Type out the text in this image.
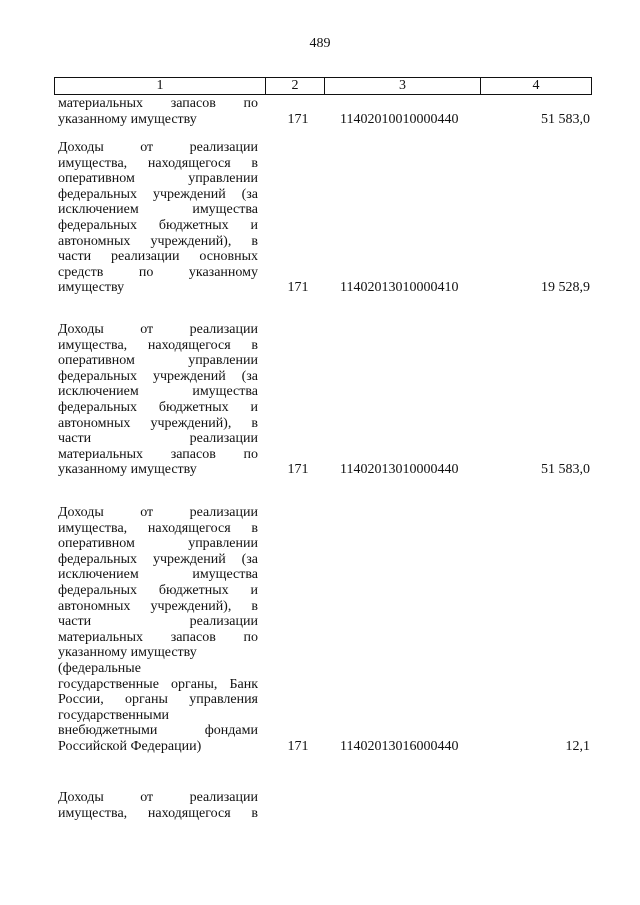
489
1	2	3	4
материальных запасов по
указанному имуществу	171 11402010010000440	51 583,0
Доходы от реализации
имущества, находящегося в
оперативном управлении
федеральных учреждений (за
исключением имущества
федеральных бюджетных и
автономных учреждений), в
части реализации основных
средств по указанному
имуществу	171 11402013010000410	19 528,9
Доходы от реализации
имущества, находящегося в
оперативном управлении
федеральных учреждений (за
исключением имущества
федеральных бюджетных и
автономных учреждений), в
части реализации
материальных запасов по
указанному имуществу	171 11402013010000440	51 583,0
Доходы от реализации
имущества, находящегося в
оперативном управлении
федеральных учреждений (за
исключением имущества
федеральных бюджетных и
автономных учреждений), в
части реализации
материальных запасов по
указанному имуществу
(федеральные
государственные органы, Банк
России, органы управления
государственными
внебюджетными фондами
Российской Федерации)	171 11402013016000440	12,1
Доходы от реализации
имущества, находящегося в
